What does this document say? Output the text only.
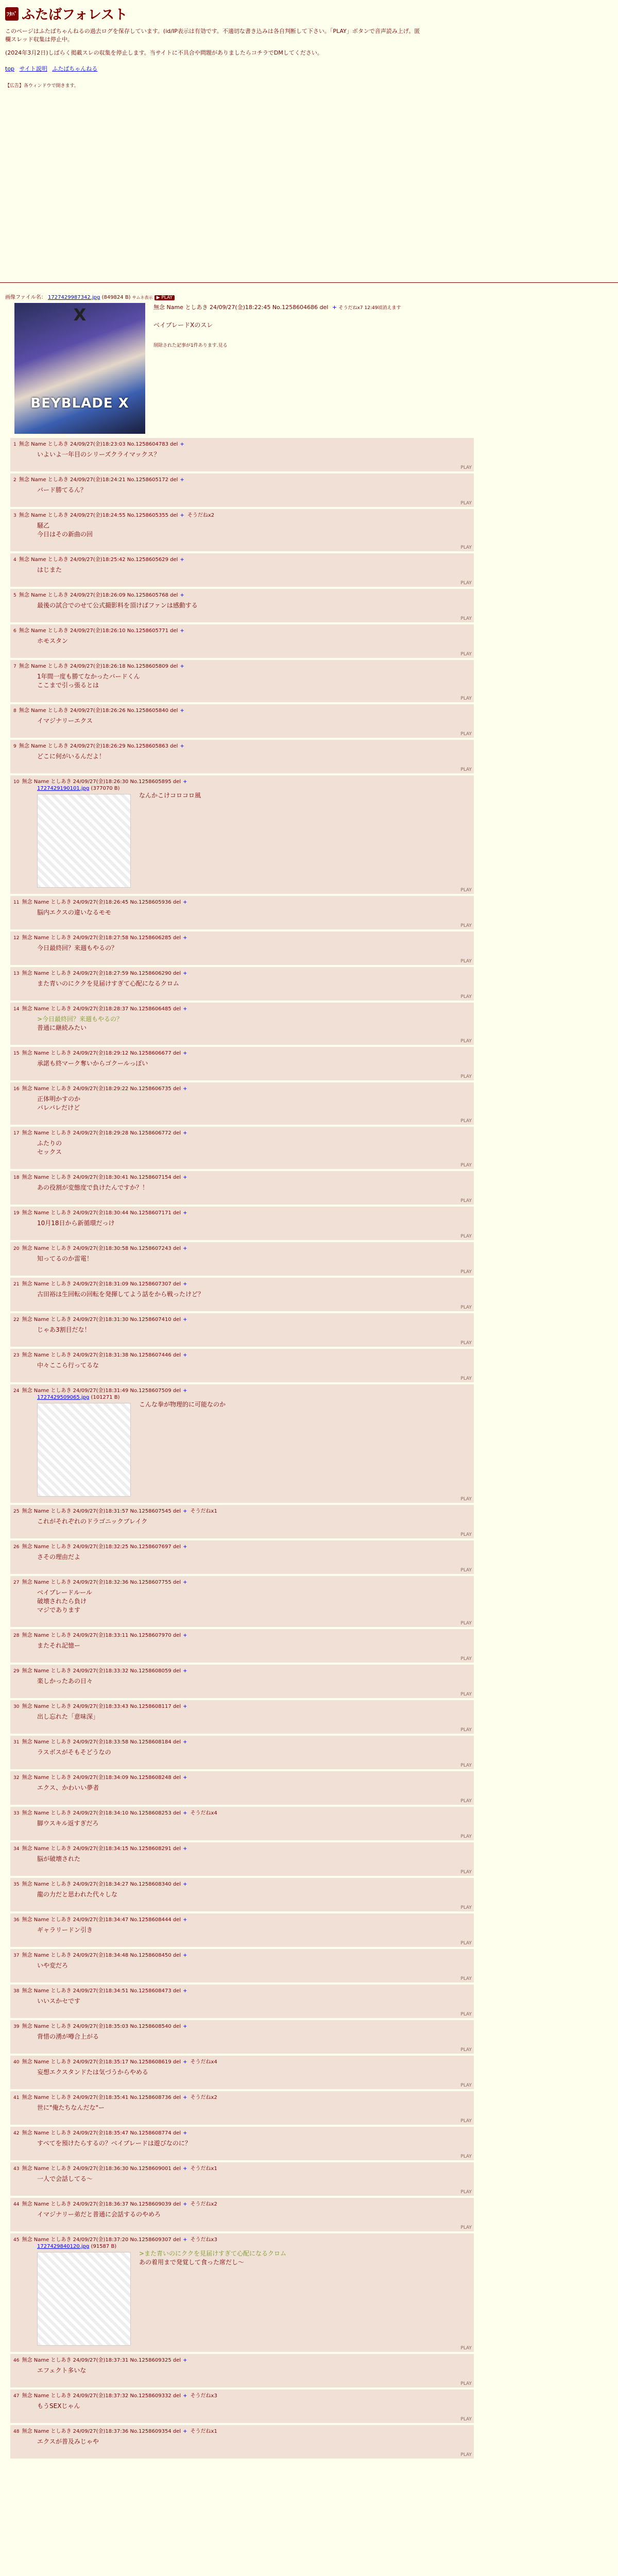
ﾌﾀﾊﾞ ふたばフォレスト
このページはふたばちゃんねるの過去ログを保存しています。(id/IP表示は有効です。不適切な書き込みは各自判断して下さい。「PLAY」ボタンで音声読み上げ。匿
欄スレッド収集は停止中。
(2024年3月2日)しばらく掲載スレの収集を停止します。当サイトに不具合や問題がありましたらコチラでDMしてください。
top サイト説明 ふたばちゃんねる
【広告】各ウィンドウで開きます。
画像ファイル名： 1727429987342.jpg (849824 B) サムネ表示 ▶ PLAY
X
BEYBLADE X
無念 Name としあき 24/09/27(金)18:22:45 No.1258604686 del + そうだねx7 12:49頃消えます
ベイブレードXのスレ
削除された記事が1件あります.見る
1 無念 Name としあき 24/09/27(金)18:23:03 No.1258604783 del +
いよいよ一年目のシリーズクライマックス？
PLAY
2 無念 Name としあき 24/09/27(金)18:24:21 No.1258605172 del +
バード勝てるん？
PLAY
3 無念 Name としあき 24/09/27(金)18:24:55 No.1258605355 del + そうだねx2
騒乙
今日はその新曲の回
PLAY
4 無念 Name としあき 24/09/27(金)18:25:42 No.1258605629 del +
はじまた
PLAY
5 無念 Name としあき 24/09/27(金)18:26:09 No.1258605768 del +
最後の試合でのせて公式撮影料を頂けばファンは感動する
PLAY
6 無念 Name としあき 24/09/27(金)18:26:10 No.1258605771 del +
ホモスタン
PLAY
7 無念 Name としあき 24/09/27(金)18:26:18 No.1258605809 del +
1年間一度も勝てなかったバードくん
ここまで引っ張るとは
PLAY
8 無念 Name としあき 24/09/27(金)18:26:26 No.1258605840 del +
イマジナリーエクス
PLAY
9 無念 Name としあき 24/09/27(金)18:26:29 No.1258605863 del +
どこに何がいるんだよ！
PLAY
10 無念 Name としあき 24/09/27(金)18:26:30 No.1258605895 del +
1727429190101.jpg (377070 B)
なんかこけコロコロ風
PLAY
11 無念 Name としあき 24/09/27(金)18:26:45 No.1258605936 del +
脳内エクスの違いなるモモ
PLAY
12 無念 Name としあき 24/09/27(金)18:27:58 No.1258606285 del +
今日最終回？来週もやるの？
PLAY
13 無念 Name としあき 24/09/27(金)18:27:59 No.1258606290 del +
また青いのにククを見届けすぎて心配になるクロム
PLAY
14 無念 Name としあき 24/09/27(金)18:28:37 No.1258606485 del +
>今日最終回？来週もやるの？
普通に継続みたい
PLAY
15 無念 Name としあき 24/09/27(金)18:29:12 No.1258606677 del +
承諾も終マーク奪いからゴクールっぽい
PLAY
16 無念 Name としあき 24/09/27(金)18:29:22 No.1258606735 del +
正体明かすのか
バレバレだけど
PLAY
17 無念 Name としあき 24/09/27(金)18:29:28 No.1258606772 del +
ふたりの
セックス
PLAY
18 無念 Name としあき 24/09/27(金)18:30:41 No.1258607154 del +
あの役割が変態度で負けたんですか？！
PLAY
19 無念 Name としあき 24/09/27(金)18:30:44 No.1258607171 del +
10月18日から新循環だっけ
PLAY
20 無念 Name としあき 24/09/27(金)18:30:58 No.1258607243 del +
知ってるのか雷電！
PLAY
21 無念 Name としあき 24/09/27(金)18:31:09 No.1258607307 del +
古田裕は生回転の回転を発揮してよう話をから戦ったけど？
PLAY
22 無念 Name としあき 24/09/27(金)18:31:30 No.1258607410 del +
じゃあ3割目だな！
PLAY
23 無念 Name としあき 24/09/27(金)18:31:38 No.1258607446 del +
中々ここら行ってるな
PLAY
24 無念 Name としあき 24/09/27(金)18:31:49 No.1258607509 del +
1727429509065.jpg (101271 B)
こんな拳が物理的に可能なのか
PLAY
25 無念 Name としあき 24/09/27(金)18:31:57 No.1258607545 del + そうだねx1
これがそれぞれのドラゴニックブレイク
PLAY
26 無念 Name としあき 24/09/27(金)18:32:25 No.1258607697 del +
さその理由だよ
PLAY
27 無念 Name としあき 24/09/27(金)18:32:36 No.1258607755 del +
ベイブレードルール
破壊されたら負け
マジであります
PLAY
28 無念 Name としあき 24/09/27(金)18:33:11 No.1258607970 del +
またそれ記憶ー
PLAY
29 無念 Name としあき 24/09/27(金)18:33:32 No.1258608059 del +
楽しかったあの日々
PLAY
30 無念 Name としあき 24/09/27(金)18:33:43 No.1258608117 del +
出し忘れた「意味深」
PLAY
31 無念 Name としあき 24/09/27(金)18:33:58 No.1258608184 del +
ラスボスがそもそどうなの
PLAY
32 無念 Name としあき 24/09/27(金)18:34:09 No.1258608248 del +
エクス、かわいい夢者
PLAY
33 無念 Name としあき 24/09/27(金)18:34:10 No.1258608253 del + そうだねx4
脚ウスキル返すぎだろ
PLAY
34 無念 Name としあき 24/09/27(金)18:34:15 No.1258608291 del +
脳が破壊された
PLAY
35 無念 Name としあき 24/09/27(金)18:34:27 No.1258608340 del +
龍の力だと思われた代々しな
PLAY
36 無念 Name としあき 24/09/27(金)18:34:47 No.1258608444 del +
ギャラリードン引き
PLAY
37 無念 Name としあき 24/09/27(金)18:34:48 No.1258608450 del +
いや変だろ
PLAY
38 無念 Name としあき 24/09/27(金)18:34:51 No.1258608473 del +
いいスかセです
PLAY
39 無念 Name としあき 24/09/27(金)18:35:03 No.1258608540 del +
背惜の湧が噂合上がる
PLAY
40 無念 Name としあき 24/09/27(金)18:35:17 No.1258608619 del + そうだねx4
妄想エクスタンドたは気づうからやめる
PLAY
41 無念 Name としあき 24/09/27(金)18:35:41 No.1258608736 del + そうだねx2
世に"俺たちなんだな"ー
PLAY
42 無念 Name としあき 24/09/27(金)18:35:47 No.1258608774 del +
すべてを預けたらするの？ベイブレードは遊びなのに？
PLAY
43 無念 Name としあき 24/09/27(金)18:36:30 No.1258609001 del + そうだねx1
一人で会話してる～
PLAY
44 無念 Name としあき 24/09/27(金)18:36:37 No.1258609039 del + そうだねx2
イマジナリー弟だと普通に会話するのやめろ
PLAY
45 無念 Name としあき 24/09/27(金)18:37:20 No.1258609307 del + そうだねx3
1727429840120.jpg (91587 B)
>また青いのにククを見届けすぎて心配になるクロム
あの着用まで発覚して食った席だし～
PLAY
46 無念 Name としあき 24/09/27(金)18:37:31 No.1258609325 del +
エフェクト多いな
PLAY
47 無念 Name としあき 24/09/27(金)18:37:32 No.1258609332 del + そうだねx3
もうSEXじゃん
PLAY
48 無念 Name としあき 24/09/27(金)18:37:36 No.1258609354 del + そうだねx1
エクスが普及みじゃや
PLAY
